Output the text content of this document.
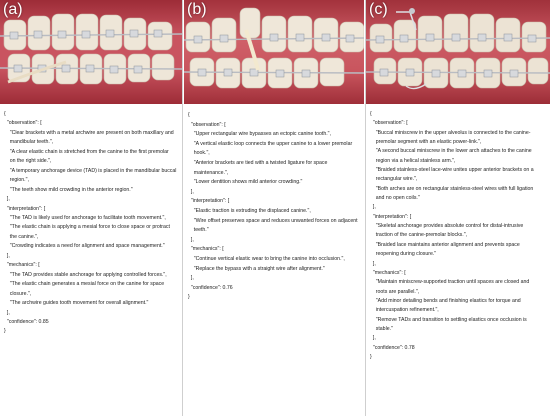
(a)
{
"observation": [
"Clear brackets with a metal archwire are present on both maxillary and
mandibular teeth.",
"A clear elastic chain is stretched from the canine to the first premolar
on the right side.",
"A temporary anchorage device (TAD) is placed in the mandibular buccal
region.",
"The teeth show mild crowding in the anterior region."
],
"interpretation": [
"The TAD is likely used for anchorage to facilitate tooth movement.",
"The elastic chain is applying a mesial force to close space or protract
the canine.",
"Crowding indicates a need for alignment and space management."
],
"mechanics": [
"The TAD provides stable anchorage for applying controlled forces.",
"The elastic chain generates a mesial force on the canine for space
closure.",
"The archwire guides tooth movement for overall alignment."
],
"confidence": 0.85
}
(b)
{
"observation": [
"Upper rectangular wire bypasses an ectopic canine tooth.",
"A vertical elastic loop connects the upper canine to a lower premolar
hook.",
"Anterior brackets are tied with a twisted ligature for space
maintenance.",
"Lower dentition shows mild anterior crowding."
],
"interpretation": [
"Elastic traction is extruding the displaced canine.",
"Wire offset preserves space and reduces unwanted forces on adjacent
teeth."
],
"mechanics": [
"Continue vertical elastic wear to bring the canine into occlusion.",
"Replace the bypass with a straight wire after alignment."
],
"confidence": 0.76
}
(c)
{
"observation": [
"Buccal miniscrew in the upper alveolus is connected to the canine-
premolar segment with an elastic power-link.",
"A second buccal miniscrew in the lower arch attaches to the canine
region via a helical stainless arm.",
"Braided stainless-steel lace-wire unites upper anterior brackets on a
rectangular wire.",
"Both arches are on rectangular stainless-steel wires with full ligation
and no open coils."
],
"interpretation": [
"Skeletal anchorage provides absolute control for distal-intrusive
traction of the canine-premolar blocks.",
"Braided lace maintains anterior alignment and prevents space
reopening during closure."
],
"mechanics": [
"Maintain miniscrew-supported traction until spaces are closed and
roots are parallel.",
"Add minor detailing bends and finishing elastics for torque and
intercuspation refinement.",
"Remove TADs and transition to settling elastics once occlusion is
stable."
],
"confidence": 0.78
}
